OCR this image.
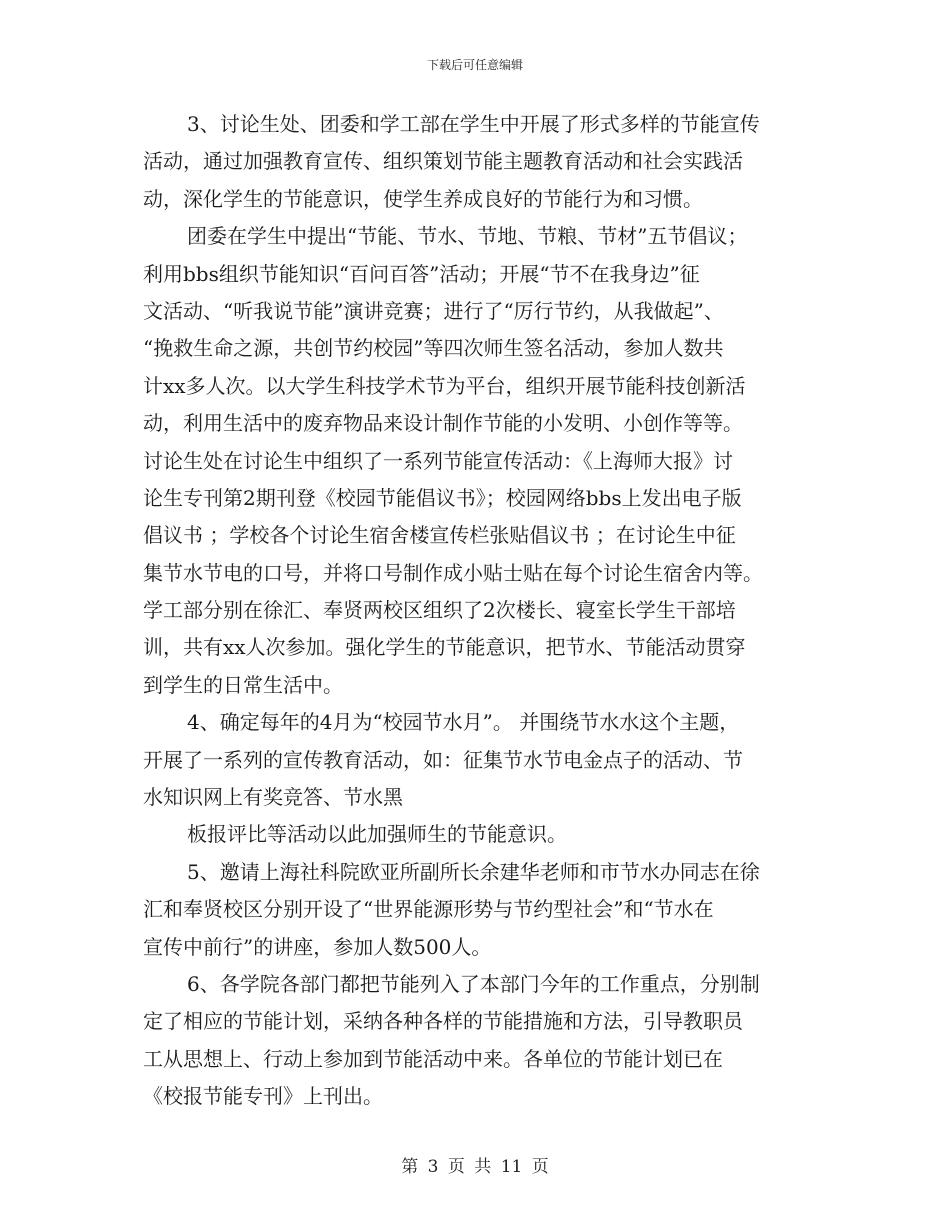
下载后可任意编辑
3、讨论生处、团委和学工部在学生中开展了形式多样的节能宣传
活动，通过加强教育宣传、组织策划节能主题教育活动和社会实践活
动，深化学生的节能意识，使学生养成良好的节能行为和习惯。
团委在学生中提出“节能、节水、节地、节粮、节材”五节倡议；
利用bbs组织节能知识“百问百答”活动；开展“节不在我身边”征
文活动、“听我说节能”演讲竞赛；进行了“厉行节约，从我做起”、
“挽救生命之源，共创节约校园”等四次师生签名活动，参加人数共
计xx多人次。以大学生科技学术节为平台，组织开展节能科技创新活
动，利用生活中的废弃物品来设计制作节能的小发明、小创作等等。
讨论生处在讨论生中组织了一系列节能宣传活动：《上海师大报》讨
论生专刊第2期刊登《校园节能倡议书》；校园网络bbs上发出电子版
倡议书 ；学校各个讨论生宿舍楼宣传栏张贴倡议书 ；在讨论生中征
集节水节电的口号，并将口号制作成小贴士贴在每个讨论生宿舍内等。
学工部分别在徐汇、奉贤两校区组织了2次楼长、寝室长学生干部培
训，共有xx人次参加。强化学生的节能意识，把节水、节能活动贯穿
到学生的日常生活中。
4、确定每年的4月为“校园节水月”。 并围绕节水水这个主题，
开展了一系列的宣传教育活动，如：征集节水节电金点子的活动、节
水知识网上有奖竞答、节水黑
板报评比等活动以此加强师生的节能意识。
5、邀请上海社科院欧亚所副所长余建华老师和市节水办同志在徐
汇和奉贤校区分别开设了“世界能源形势与节约型社会”和“节水在
宣传中前行”的讲座，参加人数500人。
6、各学院各部门都把节能列入了本部门今年的工作重点，分别制
定了相应的节能计划，采纳各种各样的节能措施和方法，引导教职员
工从思想上、行动上参加到节能活动中来。各单位的节能计划已在
《校报节能专刊》上刊出。
第 3 页 共 11 页
